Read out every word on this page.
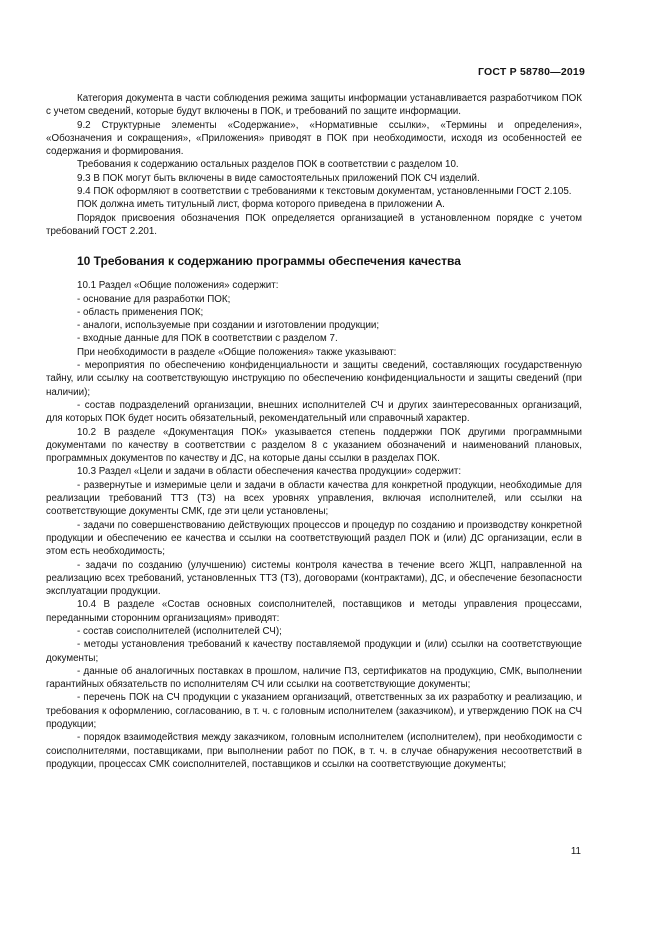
ГОСТ Р 58780—2019

Категория документа в части соблюдения режима защиты информации устанавливается разработчиком ПОК с учетом сведений, которые будут включены в ПОК, и требований по защите информации.

9.2 Структурные элементы «Содержание», «Нормативные ссылки», «Термины и определения», «Обозначения и сокращения», «Приложения» приводят в ПОК при необходимости, исходя из особенностей ее содержания и формирования.

Требования к содержанию остальных разделов ПОК в соответствии с разделом 10.

9.3 В ПОК могут быть включены в виде самостоятельных приложений ПОК СЧ изделий.

9.4 ПОК оформляют в соответствии с требованиями к текстовым документам, установленными ГОСТ 2.105.

ПОК должна иметь титульный лист, форма которого приведена в приложении А.

Порядок присвоения обозначения ПОК определяется организацией в установленном порядке с учетом требований ГОСТ 2.201.

10 Требования к содержанию программы обеспечения качества

10.1 Раздел «Общие положения» содержит:

- основание для разработки ПОК;

- область применения ПОК;

- аналоги, используемые при создании и изготовлении продукции;

- входные данные для ПОК в соответствии с разделом 7.

При необходимости в разделе «Общие положения» также указывают:

- мероприятия по обеспечению конфиденциальности и защиты сведений, составляющих государственную тайну, или ссылку на соответствующую инструкцию по обеспечению конфиденциальности и защиты сведений (при наличии);

- состав подразделений организации, внешних исполнителей СЧ и других заинтересованных организаций, для которых ПОК будет носить обязательный, рекомендательный или справочный характер.

10.2 В разделе «Документация ПОК» указывается степень поддержки ПОК другими программными документами по качеству в соответствии с разделом 8 с указанием обозначений и наименований плановых, программных документов по качеству и ДС, на которые даны ссылки в разделах ПОК.

10.3 Раздел «Цели и задачи в области обеспечения качества продукции» содержит:

- развернутые и измеримые цели и задачи в области качества для конкретной продукции, необходимые для реализации требований ТТЗ (ТЗ) на всех уровнях управления, включая исполнителей, или ссылки на соответствующие документы СМК, где эти цели установлены;

- задачи по совершенствованию действующих процессов и процедур по созданию и производству конкретной продукции и обеспечению ее качества и ссылки на соответствующий раздел ПОК и (или) ДС организации, если в этом есть необходимость;

- задачи по созданию (улучшению) системы контроля качества в течение всего ЖЦП, направленной на реализацию всех требований, установленных ТТЗ (ТЗ), договорами (контрактами), ДС, и обеспечение безопасности эксплуатации продукции.

10.4 В разделе «Состав основных соисполнителей, поставщиков и методы управления процессами, переданными сторонним организациям» приводят:

- состав соисполнителей (исполнителей СЧ);

- методы установления требований к качеству поставляемой продукции и (или) ссылки на соответствующие документы;

- данные об аналогичных поставках в прошлом, наличие ПЗ, сертификатов на продукцию, СМК, выполнении гарантийных обязательств по исполнителям СЧ или ссылки на соответствующие документы;

- перечень ПОК на СЧ продукции с указанием организаций, ответственных за их разработку и реализацию, и требования к оформлению, согласованию, в т. ч. с головным исполнителем (заказчиком), и утверждению ПОК на СЧ продукции;

- порядок взаимодействия между заказчиком, головным исполнителем (исполнителем), при необходимости с соисполнителями, поставщиками, при выполнении работ по ПОК, в т. ч. в случае обнаружения несоответствий в продукции, процессах СМК соисполнителей, поставщиков и ссылки на соответствующие документы;

11
